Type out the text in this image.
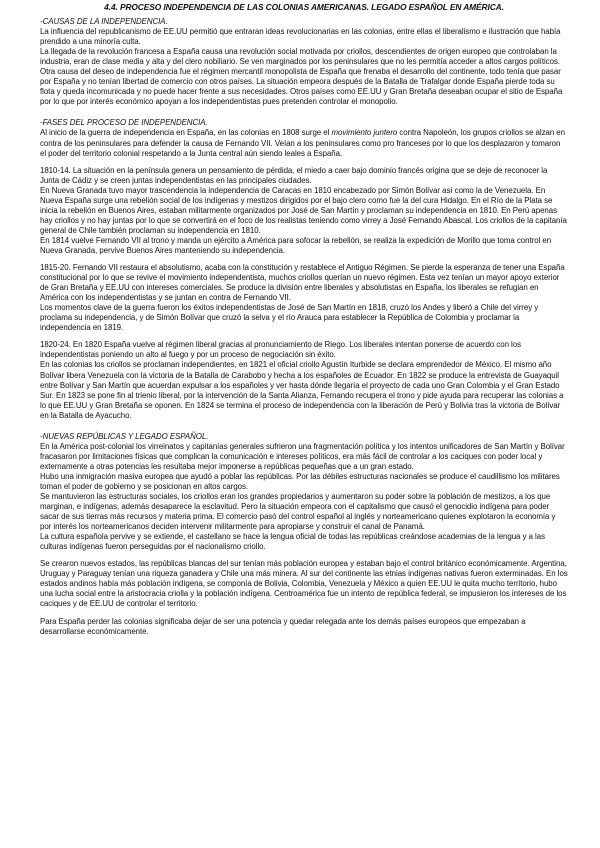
4.4. PROCESO INDEPENDENCIA DE LAS COLONIAS AMERICANAS. LEGADO ESPAÑOL EN AMÉRICA.

-CAUSAS DE LA INDEPENDENCIA.

La influencia del republicanismo de EE.UU permitió que entraran ideas revolucionarias en las colonias, entre ellas el liberalismo e ilustración que había prendido a una minoría culta.

La llegada de la revolución francesa a España causa una revolución social motivada por criollos, descendientes de origen europeo que controlaban la industria, eran de clase media y alta y del clero nobiliario. Se ven marginados por los peninsulares que no les permitía acceder a altos cargos políticos.

Otra causa del deseo de independencia fue el régimen mercantil monopolista de España que frenaba el desarrollo del continente, todo tenía que pasar por España y no tenían libertad de comercio con otros países. La situación empeora después de la Batalla de Trafalgar donde España pierde toda su flota y queda incomunicada y no puede hacer frente a sus necesidades. Otros países como EE.UU y Gran Bretaña deseaban ocupar el sitio de España por lo que por interés económico apoyan a los independentistas pues pretenden controlar el monopolio.

-FASES DEL PROCESO DE INDEPENDENCIA.

Al inicio de la guerra de independencia en España, en las colonias en 1808 surge el movimiento juntero contra Napoleón, los grupos criollos se alzan en contra de los peninsulares para defender la causa de Fernando VII. Veían a los peninsulares como pro franceses por lo que los desplazaron y tomaron el poder del territorio colonial respetando a la Junta central aún siendo leales a España.

1810-14. La situación en la península genera un pensamiento de pérdida, el miedo a caer bajo dominio francés origina que se deje de reconocer la Junta de Cádiz y se creen juntas independentistas en las principales ciudades.

En Nueva Granada tuvo mayor trascendencia la independencia de Caracas en 1810 encabezado por Simón Bolívar así como la de Venezuela. En Nueva España surge una rebelión social de los indígenas y mestizos dirigidos por el bajo clero como fue la del cura Hidalgo. En el Río de la Plata se inicia la rebelión en Buenos Aires, estaban militarmente organizados por José de San Martín y proclaman su independencia en 1810. En Perú apenas hay criollos y no hay juntas por lo que se convertirá en el foco de los realistas teniendo como virrey a José Fernando Abascal. Los criollos de la capitanía general de Chile también proclaman su independencia en 1810.

En 1814 vuelve Fernando VII al trono y manda un ejército a América para sofocar la rebelión, se realiza la expedición de Morillo que toma control en Nueva Granada, pervive Buenos Aires manteniendo su independencia.

1815-20. Fernando VII restaura el absolutismo, acaba con la constitución y restablece el Antiguo Régimen. Se pierde la esperanza de tener una España constitucional por lo que se revive el movimiento independentista, muchos criollos querían un nuevo régimen. Esta vez tenían un mayor apoyo exterior de Gran Bretaña y EE.UU con intereses comerciales. Se produce la división entre liberales y absolutistas en España, los liberales se refugian en América con los independentistas y se juntan en contra de Fernando VII.

Los momentos clave de la guerra fueron los éxitos independentistas de José de San Martín en 1818, cruzó los Andes y liberó a Chile del virrey y proclama su independencia, y de Simón Bolívar que cruzó la selva y el río Arauca para establecer la República de Colombia y proclamar la independencia en 1819.

1820-24. En 1820 España vuelve al régimen liberal gracias al pronunciamiento de Riego. Los liberales intentan ponerse de acuerdo con los independentistas poniendo un alto al fuego y por un proceso de negociación sin éxito.

En las colonias los criollos se proclaman independientes, en 1821 el oficial criollo Agustín Iturbide se declara emprendedor de México. El mismo año Bolívar libera Venezuela con la victoria de la Batalla de Carabobo y hecha a los españoles de Ecuador. En 1822 se produce la entrevista de Guayaquil entre Bolívar y San Martín que acuerdan expulsar a los españoles y ver hasta dónde llegaría el proyecto de cada uno Gran Colombia y el Gran Estado Sur. En 1823 se pone fin al trienio liberal, por la intervención de la Santa Alianza, Fernando recupera el trono y pide ayuda para recuperar las colonias a lo que EE.UU y Gran Bretaña se oponen. En 1824 se termina el proceso de independencia con la liberación de Perú y Bolivia tras la victoria de Bolívar en la Batalla de Ayacucho.

-NUEVAS REPÚBLICAS Y LEGADO ESPAÑOL.

En la América post-colonial los virreinatos y capitanías generales sufrieron una fragmentación política y los intentos unificadores de San Martín y Bolívar fracasaron por limitaciones físicas que complican la comunicación e intereses políticos, era más fácil de controlar a los caciques con poder local y externamente a otras potencias les resultaba mejor imponerse a repúblicas pequeñas que a un gran estado.

Hubo una inmigración masiva europea que ayudó a poblar las repúblicas. Por las débiles estructuras nacionales se produce el caudillismo los militares toman el poder de gobierno y se posicionan en altos cargos.

Se mantuvieron las estructuras sociales, los criollos eran los grandes propiedarios y aumentaron su poder sobre la población de mestizos, a los que marginan, e indígenas, además desaparece la esclavitud. Pero la situación empeora con el capitalismo que causó el genocidio indígena para poder sacar de sus tierras más recursos y materia prima. El comercio pasó del control español al inglés y norteamericano quienes explotaron la economía y por interés los norteamericanos deciden intervenir militarmente para apropiarse y construir el canal de Panamá.

La cultura española pervive y se extiende, el castellano se hace la lengua oficial de todas las repúblicas creándose academias de la lengua y a las culturas indígenas fueron perseguidas por el nacionalismo criollo.

Se crearon nuevos estados, las repúblicas blancas del sur tenían más población europea y estaban bajo el control británico económicamente. Argentina, Uruguay y Paraguay tenían una riqueza ganadera y Chile una más minera. Al sur del continente las etnias indígenas nativas fueron exterminadas. En los estados andinos había más población indígena, se componía de Bolivia, Colombia, Venezuela y México a quien EE.UU le quita mucho territorio, hubo una lucha social entre la aristocracia criolla y la población indígena. Centroamérica fue un intento de república federal, se impusieron los intereses de los caciques y de EE.UU de controlar el territorio.

Para España perder las colonias significaba dejar de ser una potencia y quedar relegada ante los demás países europeos que empezaban a desarrollarse económicamente.
